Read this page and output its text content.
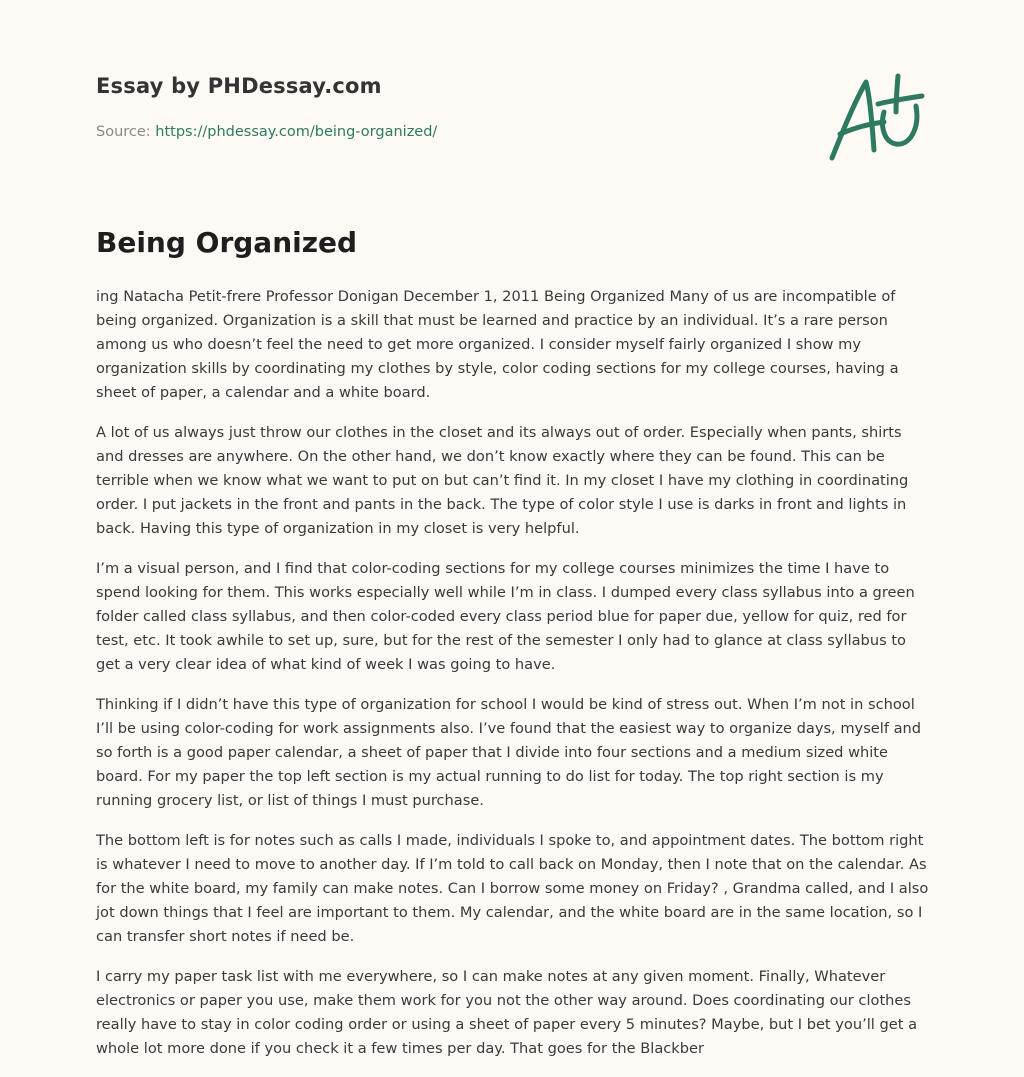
Essay by PHDessay.com
Source: https://phdessay.com/being-organized/
Being Organized

ing Natacha Petit-frere Professor Donigan December 1, 2011 Being Organized Many of us are incompatible of being organized. Organization is a skill that must be learned and practice by an individual. It’s a rare person among us who doesn’t feel the need to get more organized. I consider myself fairly organized I show my organization skills by coordinating my clothes by style, color coding sections for my college courses, having a sheet of paper, a calendar and a white board.

A lot of us always just throw our clothes in the closet and its always out of order. Especially when pants, shirts and dresses are anywhere. On the other hand, we don’t know exactly where they can be found. This can be terrible when we know what we want to put on but can’t find it. In my closet I have my clothing in coordinating order. I put jackets in the front and pants in the back. The type of color style I use is darks in front and lights in back. Having this type of organization in my closet is very helpful.

I’m a visual person, and I find that color-coding sections for my college courses minimizes the time I have to spend looking for them. This works especially well while I’m in class. I dumped every class syllabus into a green folder called class syllabus, and then color-coded every class period blue for paper due, yellow for quiz, red for test, etc. It took awhile to set up, sure, but for the rest of the semester I only had to glance at class syllabus to get a very clear idea of what kind of week I was going to have.

Thinking if I didn’t have this type of organization for school I would be kind of stress out. When I’m not in school I’ll be using color-coding for work assignments also. I’ve found that the easiest way to organize days, myself and so forth is a good paper calendar, a sheet of paper that I divide into four sections and a medium sized white board. For my paper the top left section is my actual running to do list for today. The top right section is my running grocery list, or list of things I must purchase.

The bottom left is for notes such as calls I made, individuals I spoke to, and appointment dates. The bottom right is whatever I need to move to another day. If I’m told to call back on Monday, then I note that on the calendar. As for the white board, my family can make notes. Can I borrow some money on Friday? , Grandma called, and I also jot down things that I feel are important to them. My calendar, and the white board are in the same location, so I can transfer short notes if need be.

I carry my paper task list with me everywhere, so I can make notes at any given moment. Finally, Whatever electronics or paper you use, make them work for you not the other way around. Does coordinating our clothes really have to stay in color coding order or using a sheet of paper every 5 minutes? Maybe, but I bet you’ll get a whole lot more done if you check it a few times per day. That goes for the Blackber
